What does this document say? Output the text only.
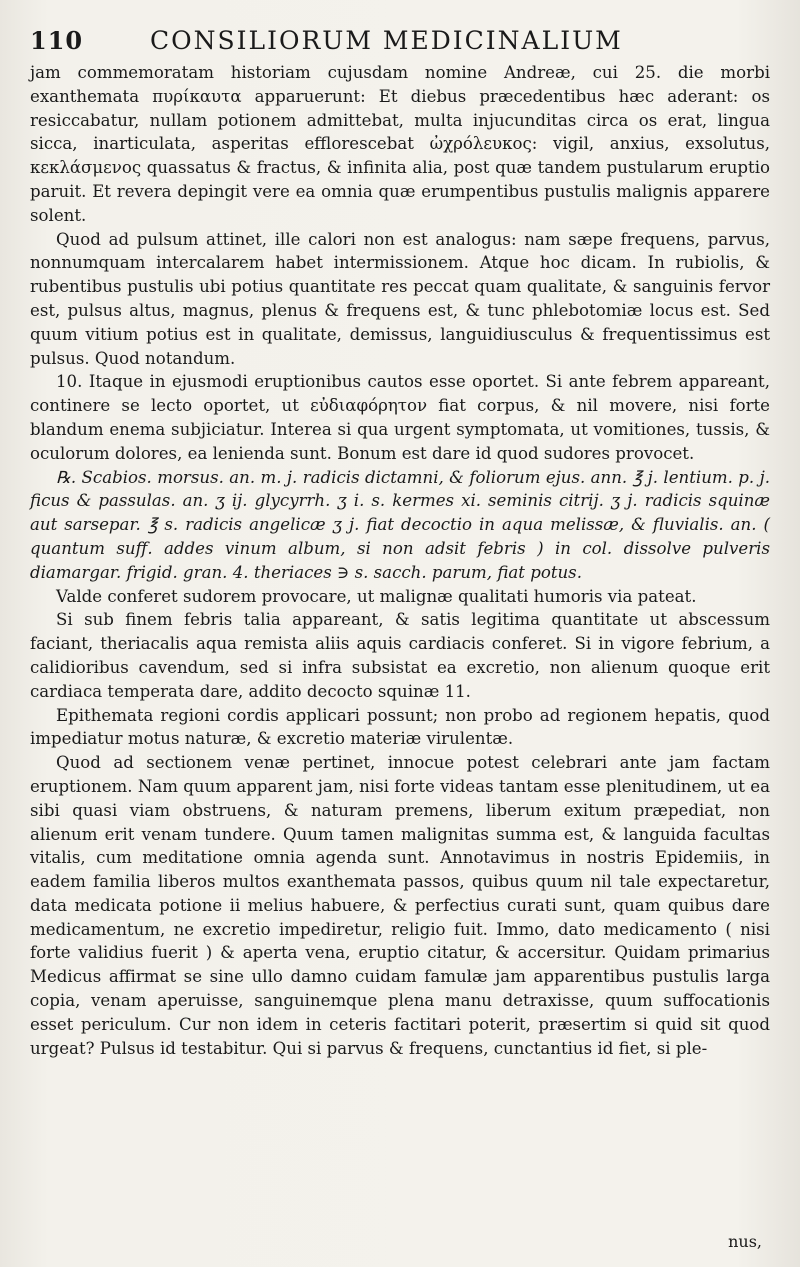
110	CONSILIORUM MEDICINALIUM

jam commemoratam historiam cujusdam nomine Andreæ, cui 25. die morbi exanthemata πυρίκαυτα apparuerunt: Et diebus præcedentibus hæc aderant: os resiccabatur, nullam potionem admittebat, multa injucunditas circa os erat, lingua sicca, inarticulata, asperitas efflorescebat ὠχρόλευκος: vigil, anxius, exsolutus, κεκλάσμενος quassatus & fractus, & infinita alia, post quæ tandem pustularum eruptio paruit. Et revera depingit vere ea omnia quæ erumpentibus pustulis malignis apparere solent.

Quod ad pulsum attinet, ille calori non est analogus: nam sæpe frequens, parvus, nonnumquam intercalarem habet intermissionem. Atque hoc dicam. In rubiolis, & rubentibus pustulis ubi potius quantitate res peccat quam qualitate, & sanguinis fervor est, pulsus altus, magnus, plenus & frequens est, & tunc phlebotomiæ locus est. Sed quum vitium potius est in qualitate, demissus, languidiusculus & frequentissimus est pulsus. Quod notandum.

10. Itaque in ejusmodi eruptionibus cautos esse oportet. Si ante febrem appareant, continere se lecto oportet, ut εὐδιαφόρητον fiat corpus, & nil movere, nisi forte blandum enema subjiciatur. Interea si qua urgent symptomata, ut vomitiones, tussis, & oculorum dolores, ea lenienda sunt. Bonum est dare id quod sudores provocet.

℞. Scabios. morsus. an. m. j. radicis dictamni, & foliorum ejus. ann. ℥ j. lentium. p. j. ficus & passulas. an. ʒ ij. glycyrrh. ʒ i. s. kermes xi. seminis citrij. ʒ j. radicis squinæ aut sarsepar. ℥ s. radicis angelicæ ʒ j. fiat decoctio in aqua melissæ, & fluvialis. an. ( quantum suff. addes vinum album, si non adsit febris ) in col. dissolve pulveris diamargar. frigid. gran. 4. theriaces ∋ s. sacch. parum, fiat potus.

Valde conferet sudorem provocare, ut malignæ qualitati humoris via pateat.

Si sub finem febris talia appareant, & satis legitima quantitate ut abscessum faciant, theriacalis aqua remista aliis aquis cardiacis conferet. Si in vigore febrium, a calidioribus cavendum, sed si infra subsistat ea excretio, non alienum quoque erit cardiaca temperata dare, addito decocto squinæ 11.

Epithemata regioni cordis applicari possunt; non probo ad regionem hepatis, quod impediatur motus naturæ, & excretio materiæ virulentæ.

Quod ad sectionem venæ pertinet, innocue potest celebrari ante jam factam eruptionem. Nam quum apparent jam, nisi forte videas tantam esse plenitudinem, ut ea sibi quasi viam obstruens, & naturam premens, liberum exitum præpediat, non alienum erit venam tundere. Quum tamen malignitas summa est, & languida facultas vitalis, cum meditatione omnia agenda sunt. Annotavimus in nostris Epidemiis, in eadem familia liberos multos exanthemata passos, quibus quum nil tale expectaretur, data medicata potione ii melius habuere, & perfectius curati sunt, quam quibus dare medicamentum, ne excretio impediretur, religio fuit. Immo, dato medicamento ( nisi forte validius fuerit ) & aperta vena, eruptio citatur, & accersitur. Quidam primarius Medicus affirmat se sine ullo damno cuidam famulæ jam apparentibus pustulis larga copia, venam aperuisse, sanguinemque plena manu detraxisse, quum suffocationis esset periculum. Cur non idem in ceteris factitari poterit, præsertim si quid sit quod urgeat? Pulsus id testabitur. Qui si parvus & frequens, cunctantius id fiet, si ple-

nus,
